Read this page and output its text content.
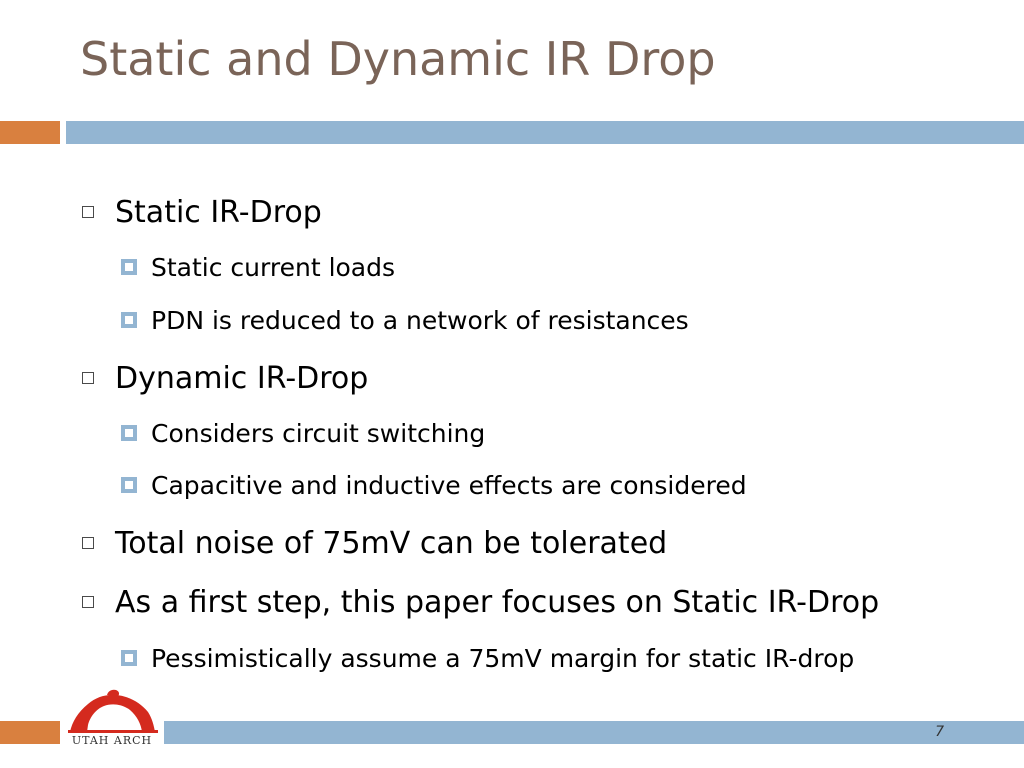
Static and Dynamic IR Drop
Static IR-Drop
Static current loads
PDN is reduced to a network of resistances
Dynamic IR-Drop
Considers circuit switching
Capacitive and inductive effects are considered
Total noise of 75mV can be tolerated
As a first step, this paper focuses on Static IR-Drop
Pessimistically assume a 75mV margin for static IR-drop
7
UTAH ARCH
